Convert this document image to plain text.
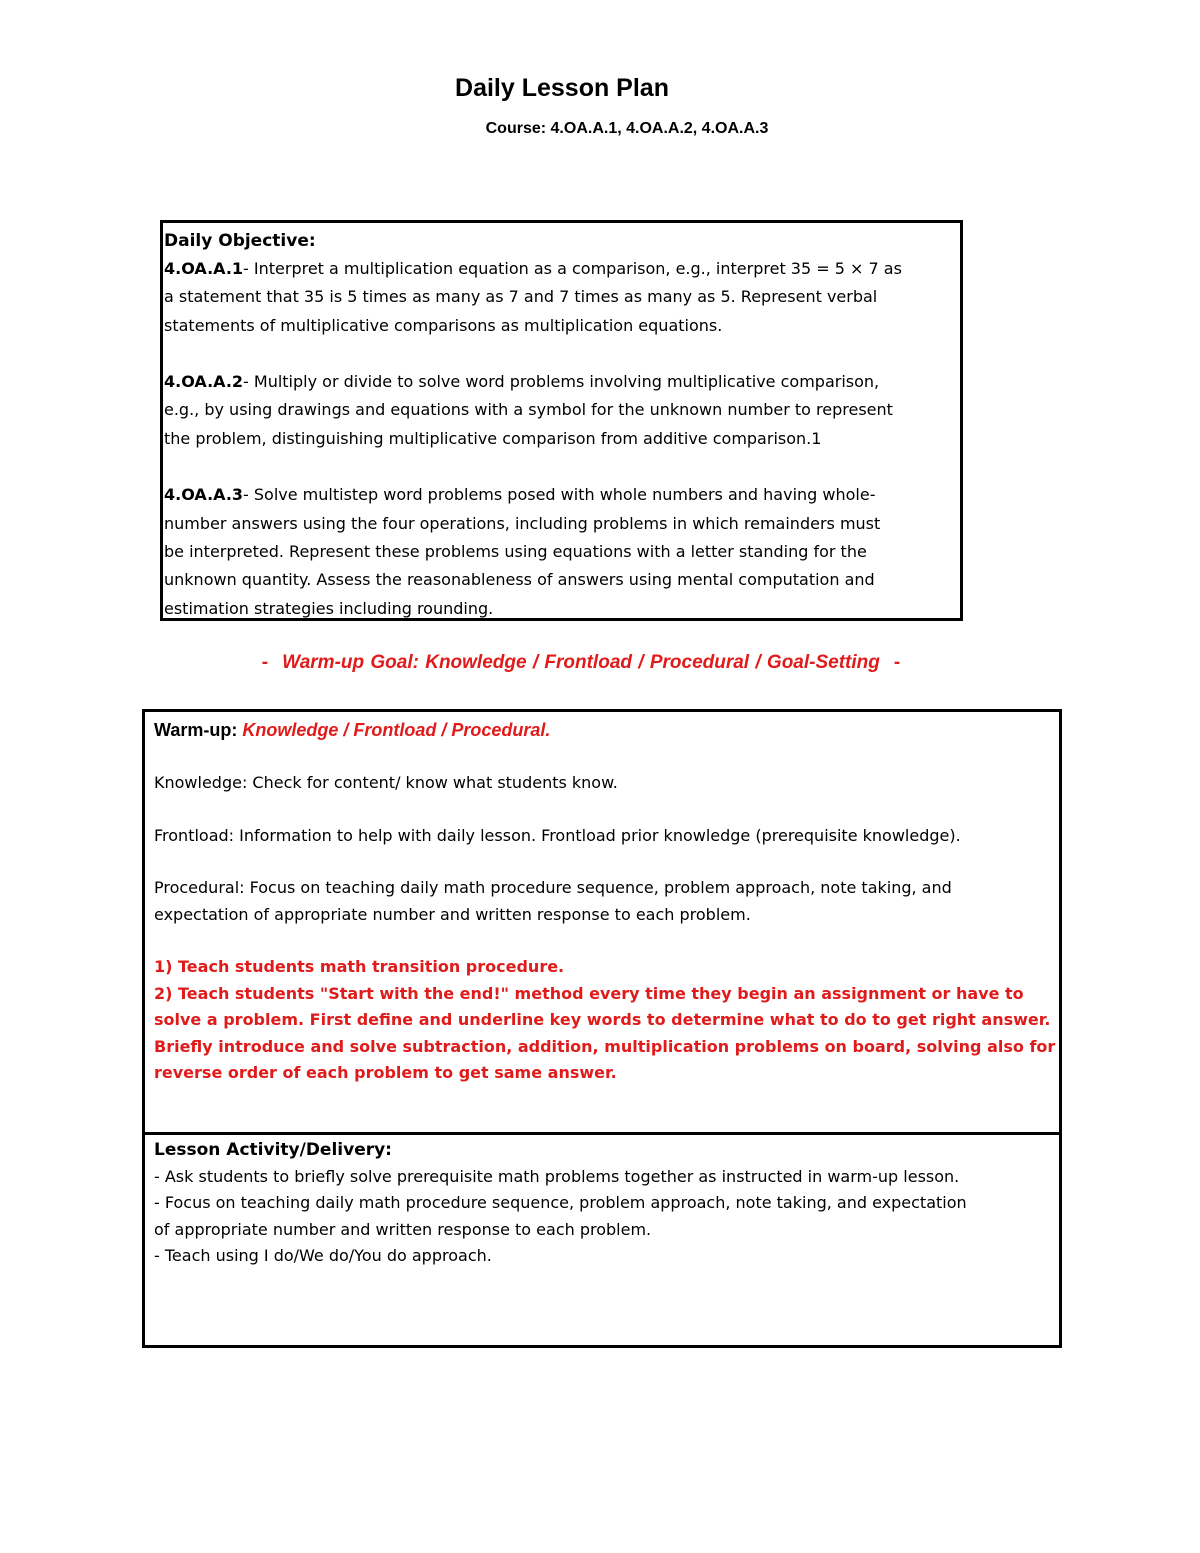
Daily Lesson Plan
Course: 4.OA.A.1, 4.OA.A.2, 4.OA.A.3
Daily Objective:

4.OA.A.1- Interpret a multiplication equation as a comparison, e.g., interpret 35 = 5 × 7 as

a statement that 35 is 5 times as many as 7 and 7 times as many as 5. Represent verbal

statements of multiplicative comparisons as multiplication equations.

4.OA.A.2- Multiply or divide to solve word problems involving multiplicative comparison,

e.g., by using drawings and equations with a symbol for the unknown number to represent

the problem, distinguishing multiplicative comparison from additive comparison.1

4.OA.A.3- Solve multistep word problems posed with whole numbers and having whole-

number answers using the four operations, including problems in which remainders must

be interpreted. Represent these problems using equations with a letter standing for the

unknown quantity. Assess the reasonableness of answers using mental computation and

estimation strategies including rounding.

- Warm-up Goal: Knowledge / Frontload / Procedural / Goal-Setting -
Warm-up: Knowledge / Frontload / Procedural.

Knowledge: Check for content/ know what students know.

Frontload: Information to help with daily lesson. Frontload prior knowledge (prerequisite knowledge).

Procedural: Focus on teaching daily math procedure sequence, problem approach, note taking, and

expectation of appropriate number and written response to each problem.

1) Teach students math transition procedure.

2) Teach students "Start with the end!" method every time they begin an assignment or have to

solve a problem. First define and underline key words to determine what to do to get right answer.

Briefly introduce and solve subtraction, addition, multiplication problems on board, solving also for

reverse order of each problem to get same answer.

Lesson Activity/Delivery:

- Ask students to briefly solve prerequisite math problems together as instructed in warm-up lesson.

- Focus on teaching daily math procedure sequence, problem approach, note taking, and expectation

of appropriate number and written response to each problem.

- Teach using I do/We do/You do approach.
